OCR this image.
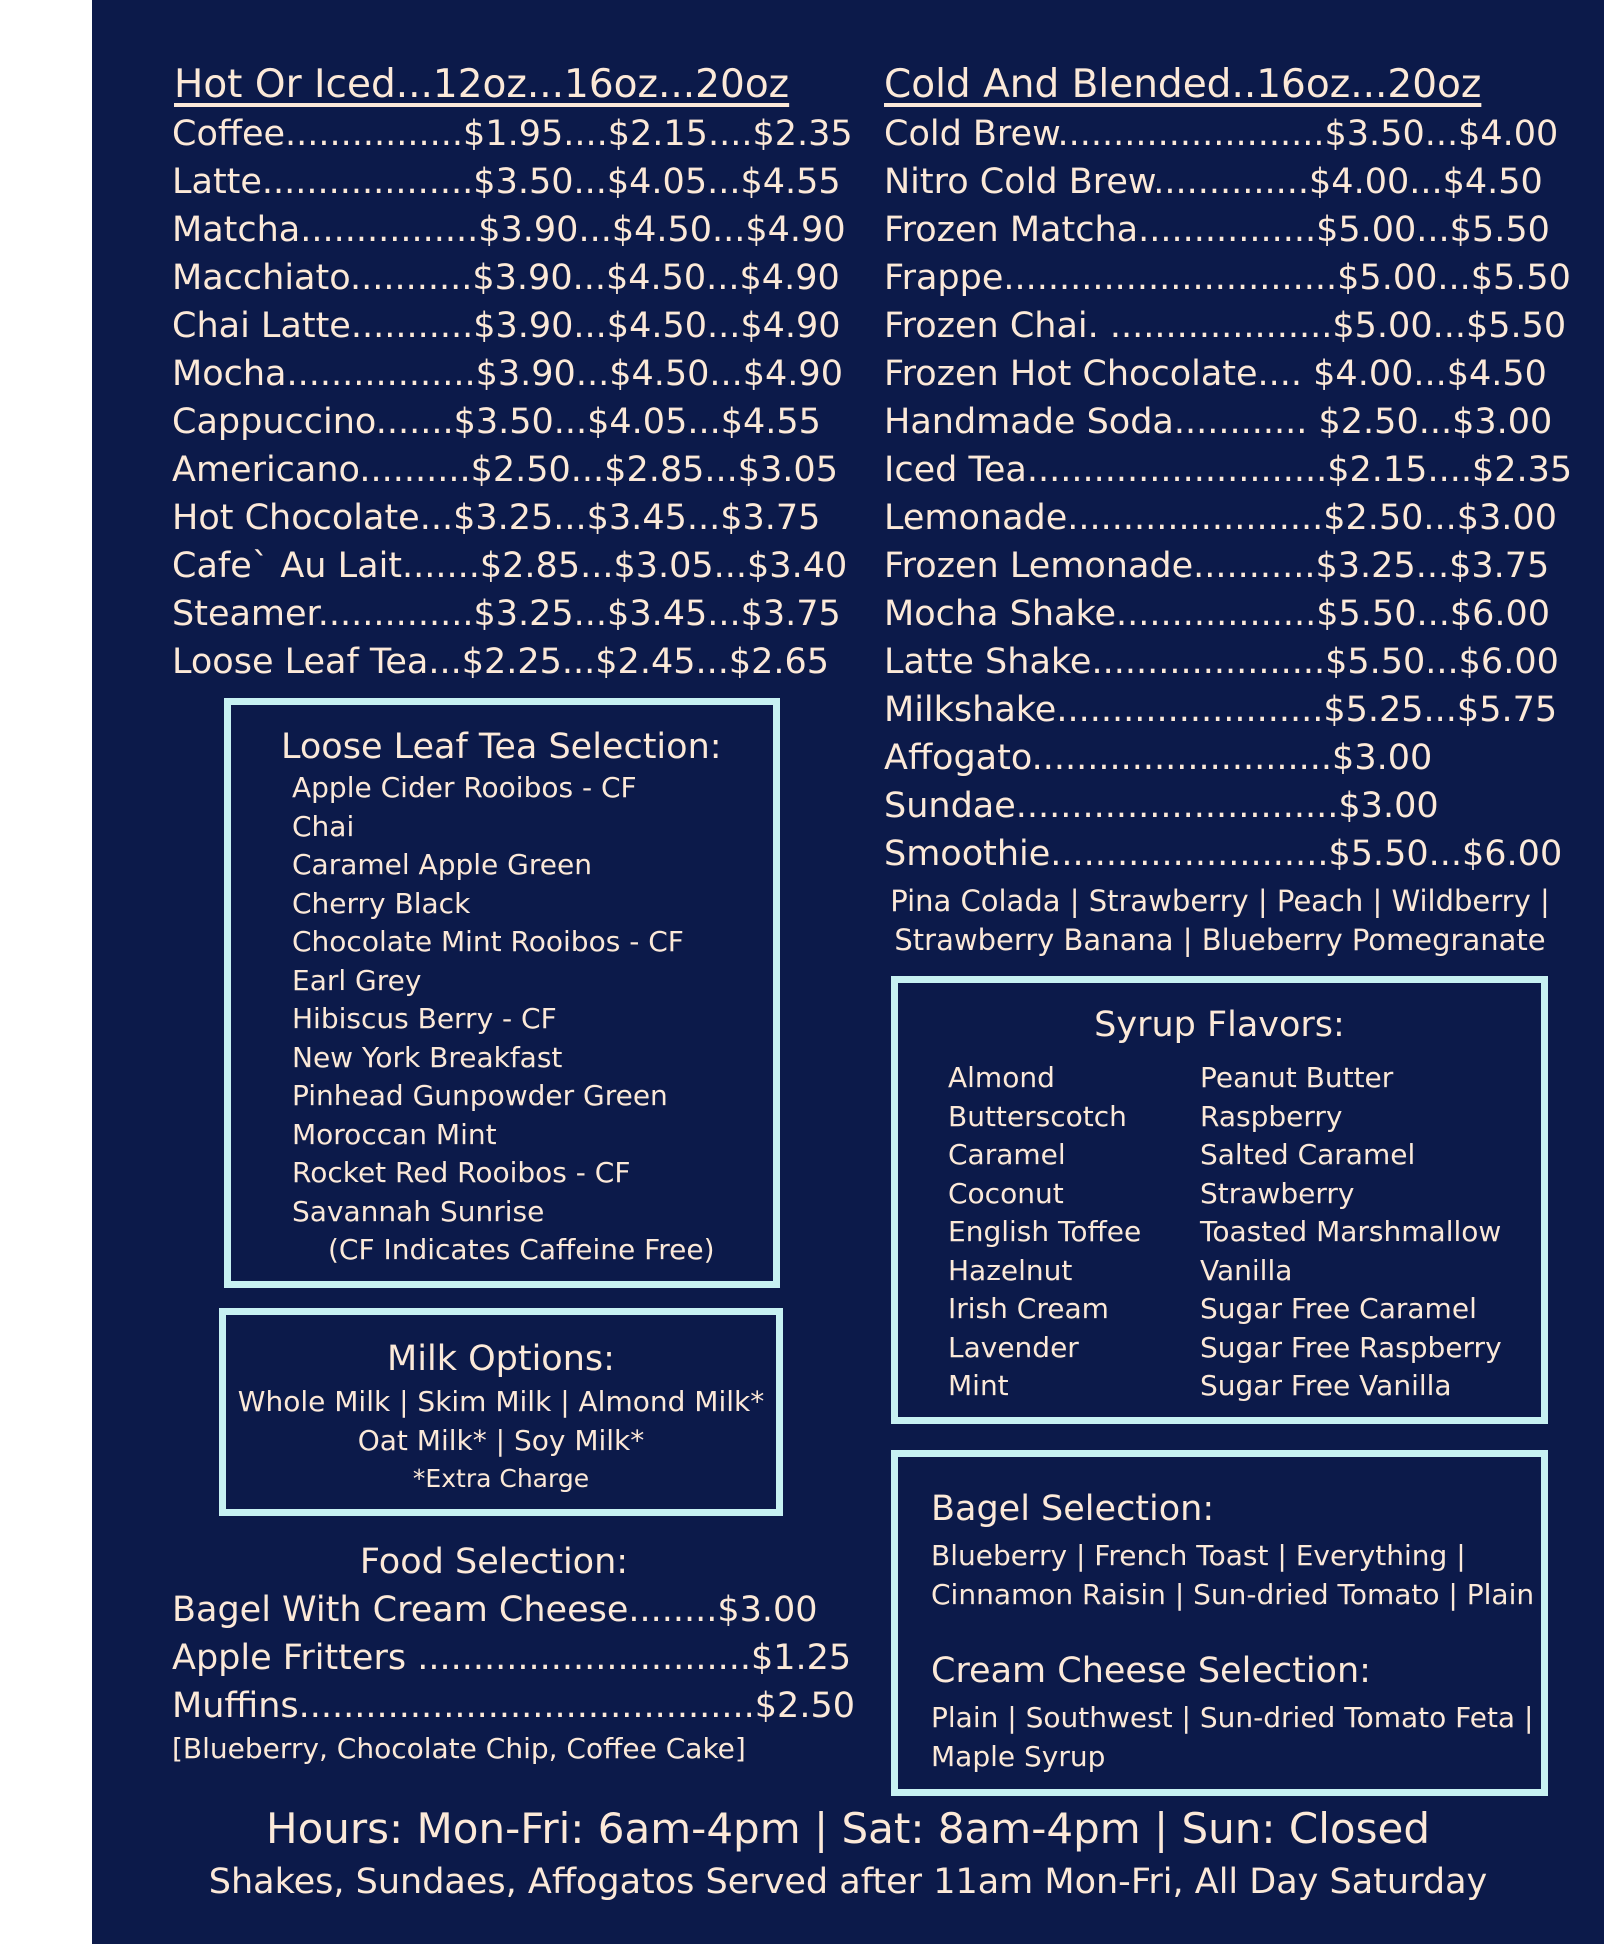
Hot Or Iced...12oz...16oz...20oz
Coffee................$1.95....$2.15....$2.35
Latte...................$3.50...$4.05...$4.55
Matcha................$3.90...$4.50...$4.90
Macchiato...........$3.90...$4.50...$4.90
Chai Latte...........$3.90...$4.50...$4.90
Mocha.................$3.90...$4.50...$4.90
Cappuccino.......$3.50...$4.05...$4.55
Americano..........$2.50...$2.85...$3.05
Hot Chocolate...$3.25...$3.45...$3.75
Cafe` Au Lait.......$2.85...$3.05...$3.40
Steamer..............$3.25...$3.45...$3.75
Loose Leaf Tea...$2.25...$2.45...$2.65
Cold And Blended..16oz...20oz
Cold Brew........................$3.50...$4.00
Nitro Cold Brew..............$4.00...$4.50
Frozen Matcha................$5.00...$5.50
Frappe..............................$5.00...$5.50
Frozen Chai. ....................$5.00...$5.50
Frozen Hot Chocolate.... $4.00...$4.50
Handmade Soda............ $2.50...$3.00
Iced Tea...........................$2.15....$2.35
Lemonade.......................$2.50...$3.00
Frozen Lemonade...........$3.25...$3.75
Mocha Shake..................$5.50...$6.00
Latte Shake.....................$5.50...$6.00
Milkshake........................$5.25...$5.75
Affogato...........................$3.00
Sundae.............................$3.00
Smoothie.........................$5.50...$6.00
Pina Colada | Strawberry | Peach | Wildberry |
Strawberry Banana | Blueberry Pomegranate
Loose Leaf Tea Selection:
Apple Cider Rooibos - CF
Chai
Caramel Apple Green
Cherry Black
Chocolate Mint Rooibos - CF
Earl Grey
Hibiscus Berry - CF
New York Breakfast
Pinhead Gunpowder Green
Moroccan Mint
Rocket Red Rooibos - CF
Savannah Sunrise
(CF Indicates Caffeine Free)
Milk Options:
Whole Milk | Skim Milk | Almond Milk*
Oat Milk* | Soy Milk*
*Extra Charge
Food Selection:
Bagel With Cream Cheese........$3.00
Apple Fritters ..............................$1.25
Muffins.........................................$2.50
[Blueberry, Chocolate Chip, Coffee Cake]
Syrup Flavors:
Almond
Butterscotch
Caramel
Coconut
English Toffee
Hazelnut
Irish Cream
Lavender
Mint
Peanut Butter
Raspberry
Salted Caramel
Strawberry
Toasted Marshmallow
Vanilla
Sugar Free Caramel
Sugar Free Raspberry
Sugar Free Vanilla
Bagel Selection:
Blueberry | French Toast | Everything |
Cinnamon Raisin | Sun-dried Tomato | Plain
Cream Cheese Selection:
Plain | Southwest | Sun-dried Tomato Feta |
Maple Syrup
Hours: Mon-Fri: 6am-4pm | Sat: 8am-4pm | Sun: Closed
Shakes, Sundaes, Affogatos Served after 11am Mon-Fri, All Day Saturday
